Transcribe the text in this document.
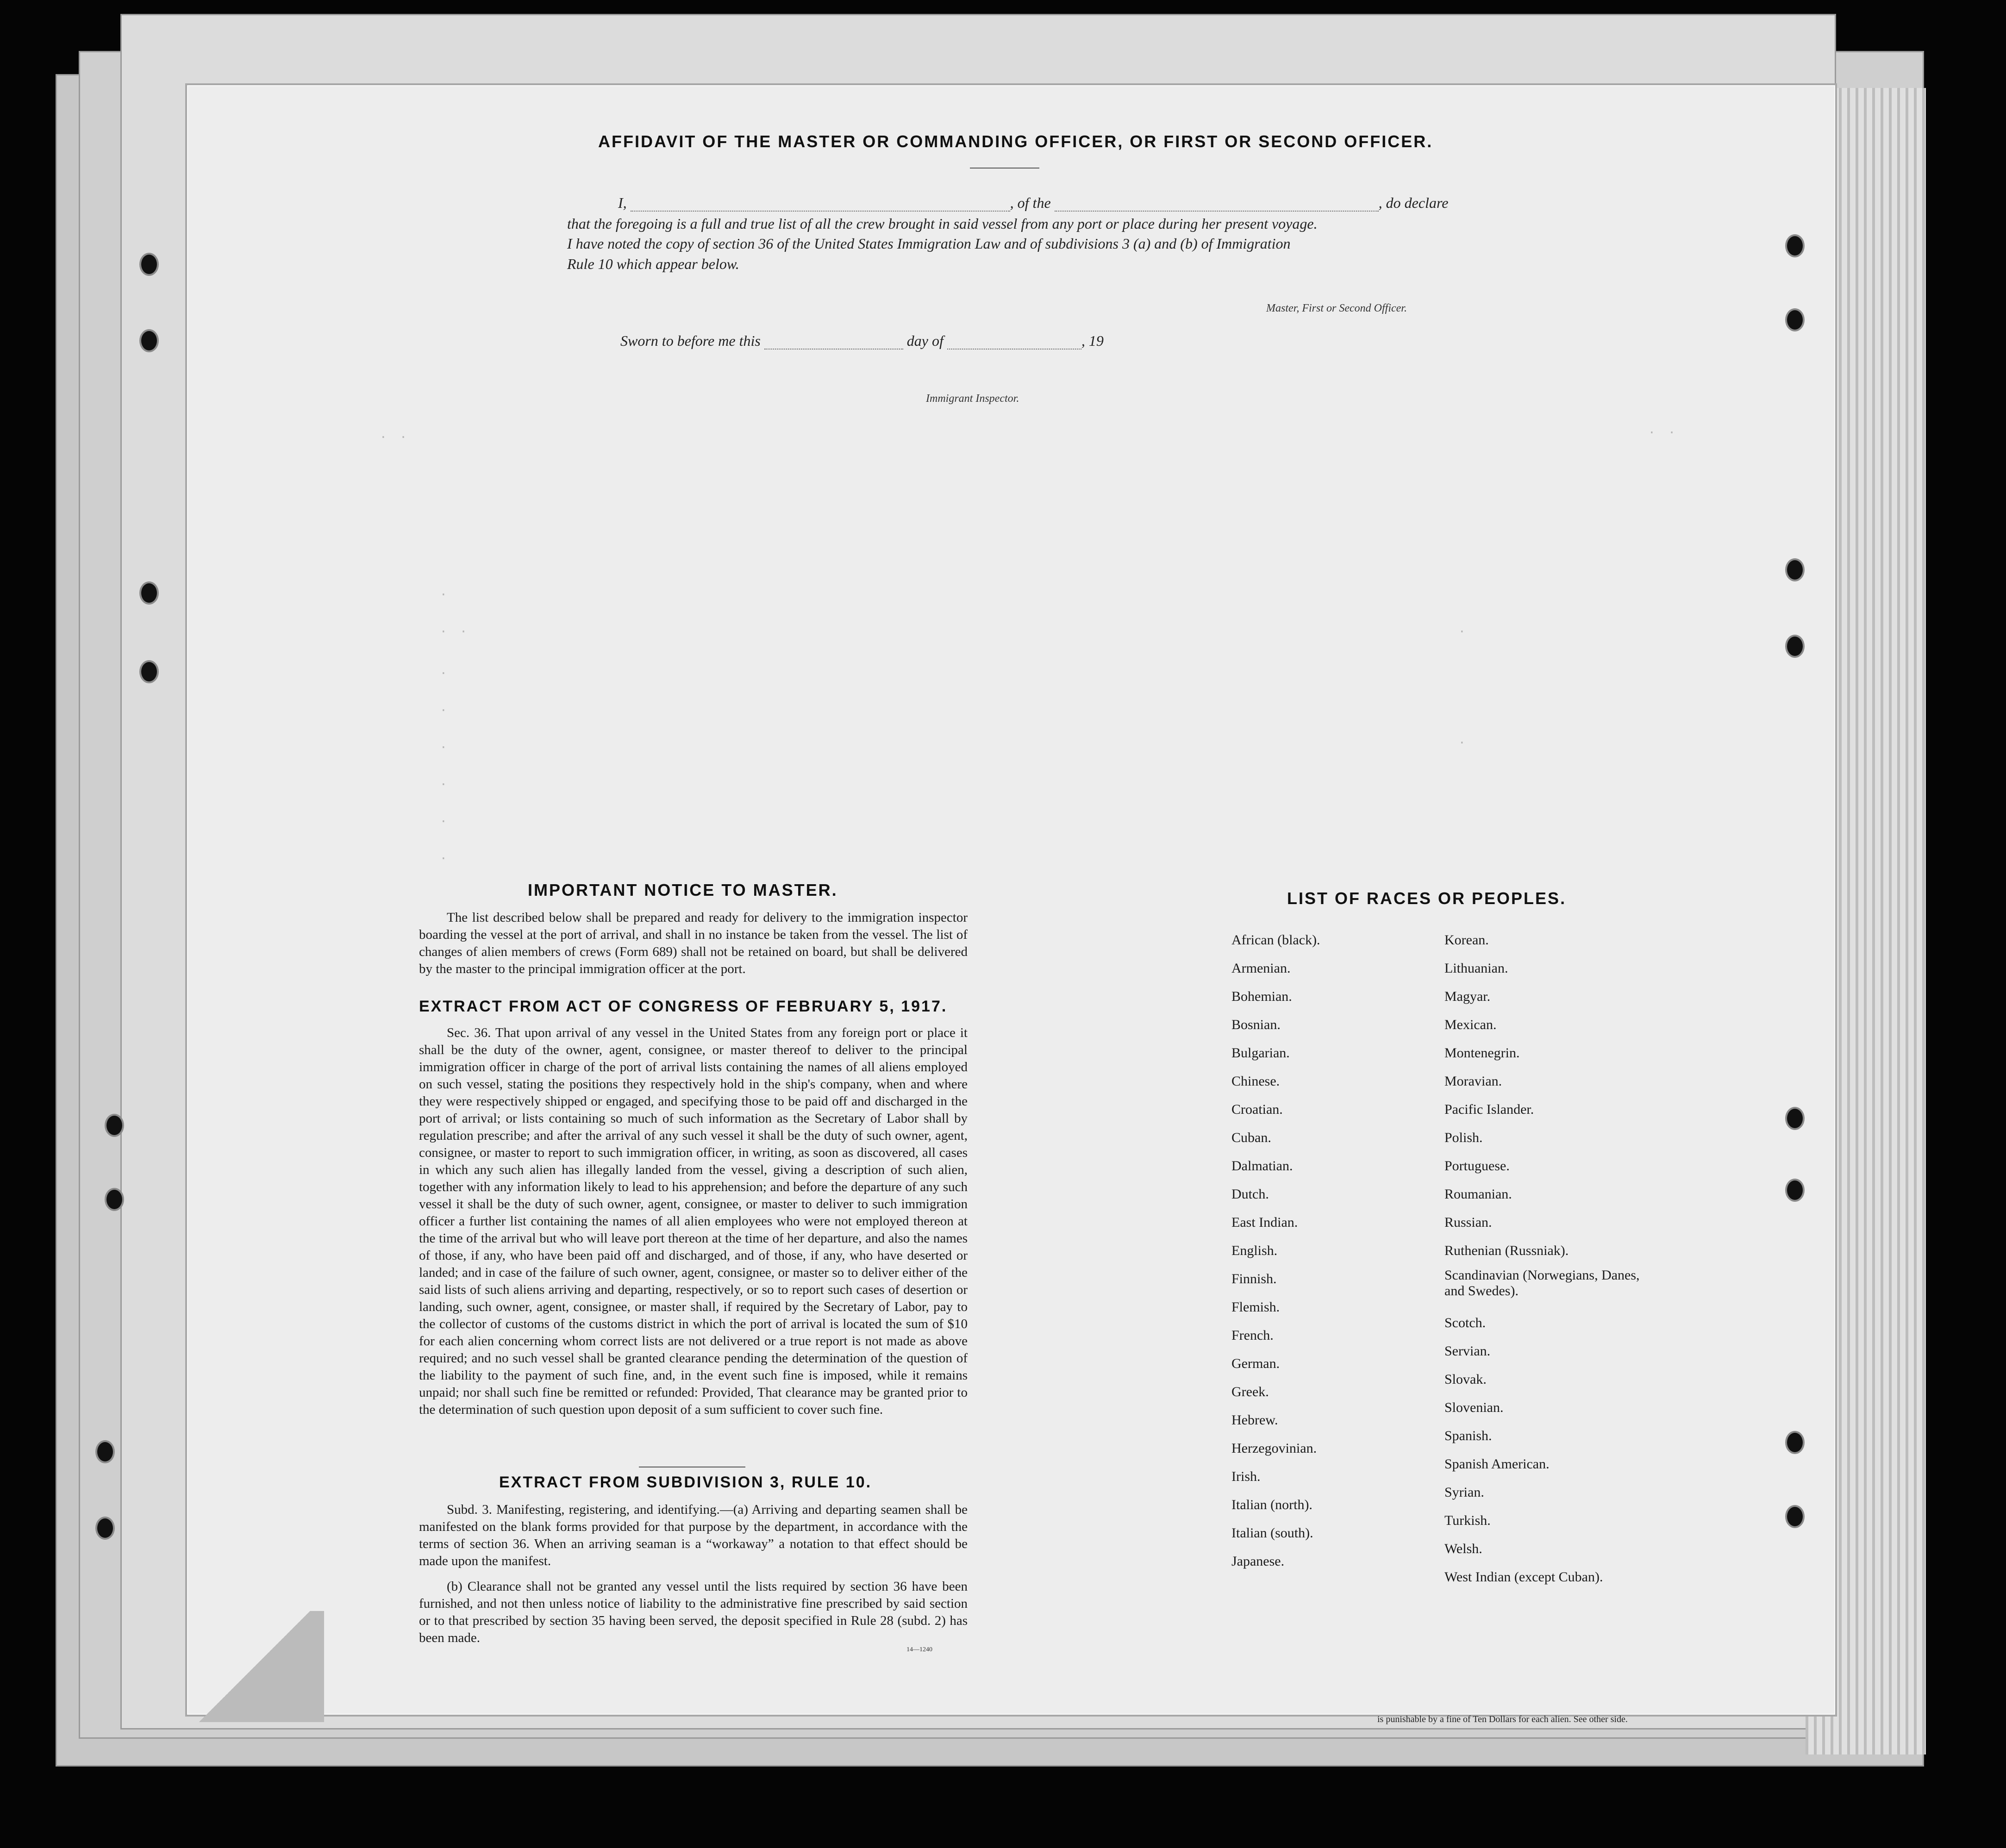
AFFIDAVIT OF THE MASTER OR COMMANDING OFFICER, OR FIRST OR SECOND OFFICER.
I,	, of the	, do declare
that the foregoing is a full and true list of all the crew brought in said vessel from any port or place during her present voyage.
I have noted the copy of section 36 of the United States Immigration Law and of subdivisions 3 (a) and (b) of Immigration
Rule 10 which appear below.
Master, First or Second Officer.
Sworn to before me this	day of	, 19
Immigrant Inspector.
· ·	· ·
·
· ·	·
·
·
·	·
·
·
·
IMPORTANT NOTICE TO MASTER.
The list described below shall be prepared and ready for delivery to the immigration inspector boarding the vessel at the port of arrival, and shall in no instance be taken from the vessel. The list of changes of alien members of crews (Form 689) shall not be retained on board, but shall be delivered by the master to the principal immigration officer at the port.
EXTRACT FROM ACT OF CONGRESS OF FEBRUARY 5, 1917.
Sec. 36. That upon arrival of any vessel in the United States from any foreign port or place it shall be the duty of the owner, agent, consignee, or master thereof to deliver to the principal immigration officer in charge of the port of arrival lists containing the names of all aliens employed on such vessel, stating the positions they respectively hold in the ship's company, when and where they were respectively shipped or engaged, and specifying those to be paid off and discharged in the port of arrival; or lists containing so much of such information as the Secretary of Labor shall by regulation prescribe; and after the arrival of any such vessel it shall be the duty of such owner, agent, consignee, or master to report to such immigration officer, in writing, as soon as discovered, all cases in which any such alien has illegally landed from the vessel, giving a description of such alien, together with any information likely to lead to his apprehension; and before the departure of any such vessel it shall be the duty of such owner, agent, consignee, or master to deliver to such immigration officer a further list containing the names of all alien employees who were not employed thereon at the time of the arrival but who will leave port thereon at the time of her departure, and also the names of those, if any, who have been paid off and discharged, and of those, if any, who have deserted or landed; and in case of the failure of such owner, agent, consignee, or master so to deliver either of the said lists of such aliens arriving and departing, respectively, or so to report such cases of desertion or landing, such owner, agent, consignee, or master shall, if required by the Secretary of Labor, pay to the collector of customs of the customs district in which the port of arrival is located the sum of $10 for each alien concerning whom correct lists are not delivered or a true report is not made as above required; and no such vessel shall be granted clearance pending the determination of the question of the liability to the payment of such fine, and, in the event such fine is imposed, while it remains unpaid; nor shall such fine be remitted or refunded: Provided, That clearance may be granted prior to the determination of such question upon deposit of a sum sufficient to cover such fine.
EXTRACT FROM SUBDIVISION 3, RULE 10.
Subd. 3. Manifesting, registering, and identifying.—(a) Arriving and departing seamen shall be manifested on the blank forms provided for that purpose by the department, in accordance with the terms of section 36. When an arriving seaman is a “workaway” a notation to that effect should be made upon the manifest.
(b) Clearance shall not be granted any vessel until the lists required by section 36 have been furnished, and not then unless notice of liability to the administrative fine prescribed by said section or to that prescribed by section 35 having been served, the deposit specified in Rule 28 (subd. 2) has been made.
14—1240
LIST OF RACES OR PEOPLES.
African (black).
Armenian.
Bohemian.
Bosnian.
Bulgarian.
Chinese.
Croatian.
Cuban.
Dalmatian.
Dutch.
East Indian.
English.
Finnish.
Flemish.
French.
German.
Greek.
Hebrew.
Herzegovinian.
Irish.
Italian (north).
Italian (south).
Japanese.
Korean.
Lithuanian.
Magyar.
Mexican.
Montenegrin.
Moravian.
Pacific Islander.
Polish.
Portuguese.
Roumanian.
Russian.
Ruthenian (Russniak).
Scandinavian (Norwegians, Danes, and Swedes).
Scotch.
Servian.
Slovak.
Slovenian.
Spanish.
Spanish American.
Syrian.
Turkish.
Welsh.
West Indian (except Cuban).
is punishable by a fine of Ten Dollars for each alien. See other side.
